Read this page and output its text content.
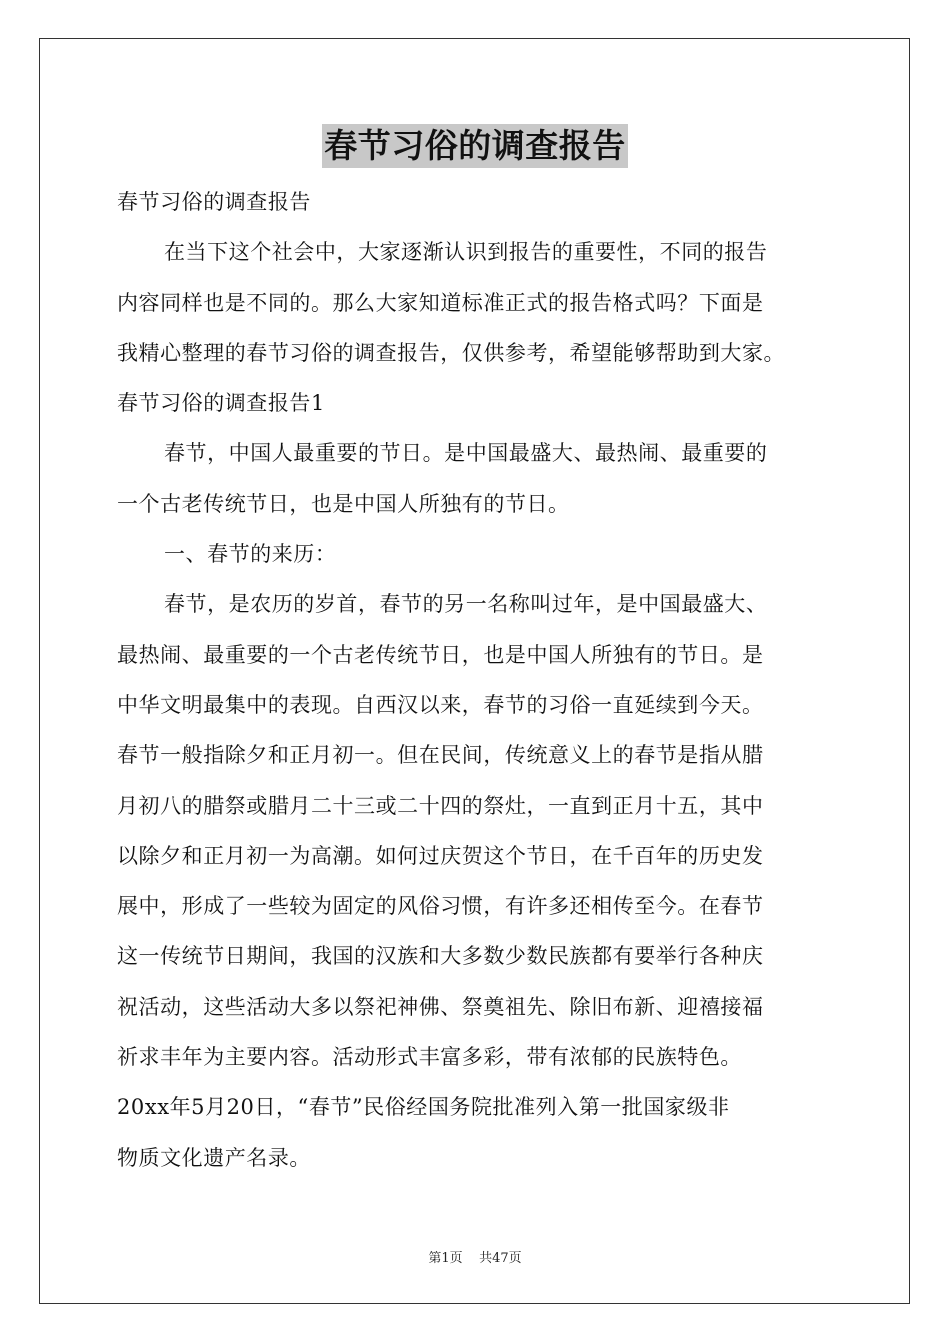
春节习俗的调查报告
春节习俗的调查报告
在当下这个社会中，大家逐渐认识到报告的重要性，不同的报告
内容同样也是不同的。那么大家知道标准正式的报告格式吗？下面是
我精心整理的春节习俗的调查报告，仅供参考，希望能够帮助到大家。
春节习俗的调查报告1
春节，中国人最重要的节日。是中国最盛大、最热闹、最重要的
一个古老传统节日，也是中国人所独有的节日。
一、春节的来历：
春节，是农历的岁首，春节的另一名称叫过年，是中国最盛大、
最热闹、最重要的一个古老传统节日，也是中国人所独有的节日。是
中华文明最集中的表现。自西汉以来，春节的习俗一直延续到今天。
春节一般指除夕和正月初一。但在民间，传统意义上的春节是指从腊
月初八的腊祭或腊月二十三或二十四的祭灶，一直到正月十五，其中
以除夕和正月初一为高潮。如何过庆贺这个节日，在千百年的历史发
展中，形成了一些较为固定的风俗习惯，有许多还相传至今。在春节
这一传统节日期间，我国的汉族和大多数少数民族都有要举行各种庆
祝活动，这些活动大多以祭祀神佛、祭奠祖先、除旧布新、迎禧接福
祈求丰年为主要内容。活动形式丰富多彩，带有浓郁的民族特色。
20xx年5月20日，“春节”民俗经国务院批准列入第一批国家级非
物质文化遗产名录。
第1页 共47页
